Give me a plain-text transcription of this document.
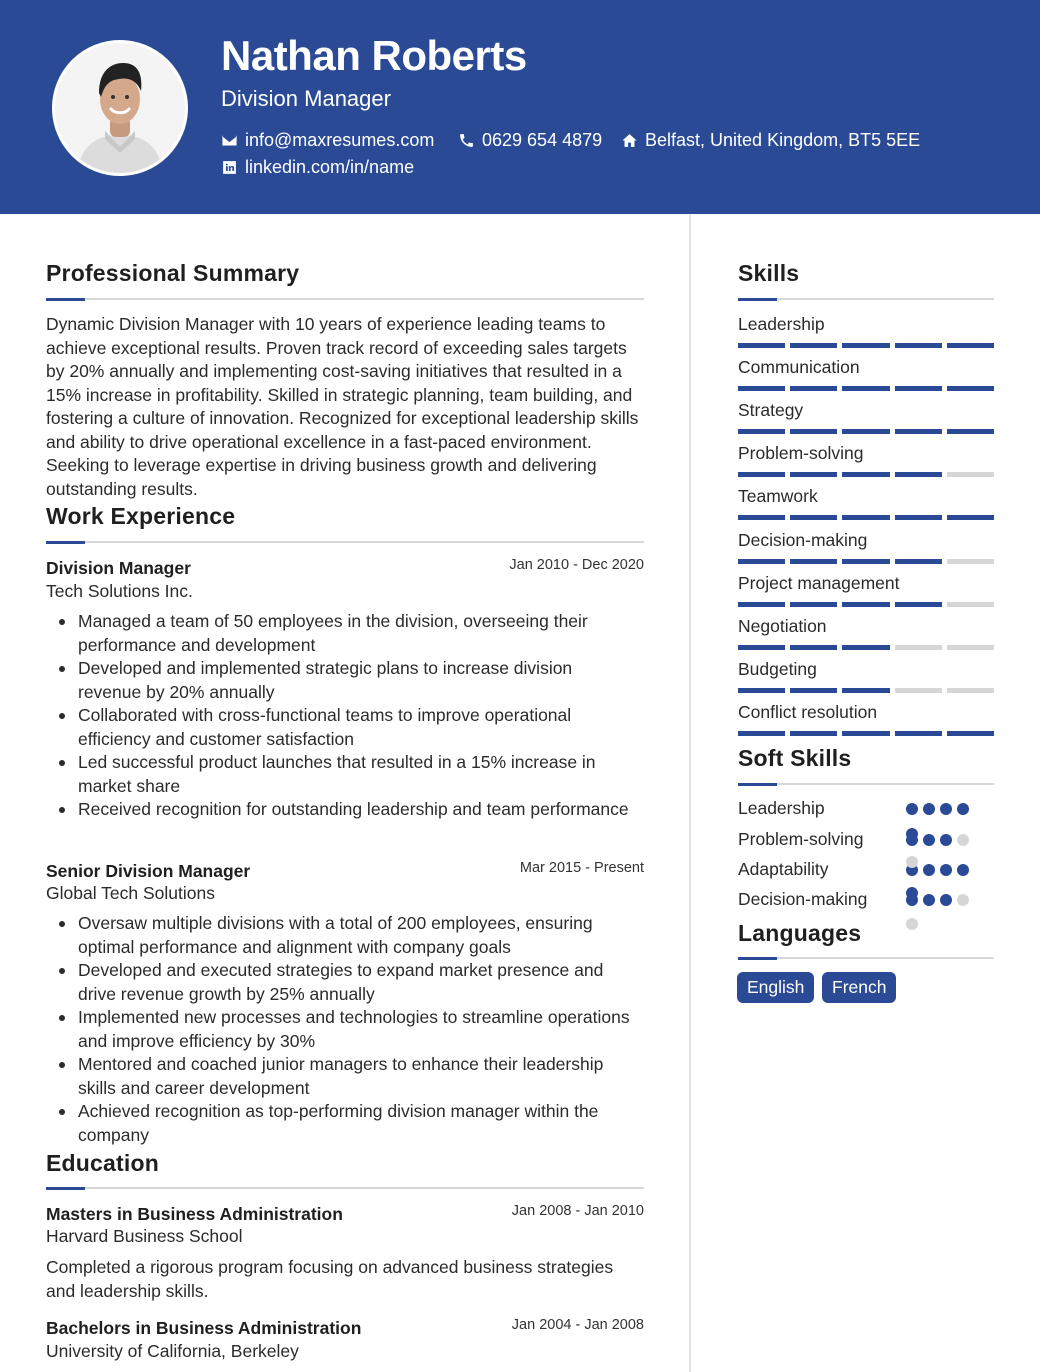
Nathan Roberts
Division Manager
info@maxresumes.com	0629 654 4879 Belfast, United Kingdom, BT5 5EE
linkedin.com/in/name
Professional Summary
Dynamic Division Manager with 10 years of experience leading teams to achieve exceptional results. Proven track record of exceeding sales targets by 20% annually and implementing cost-saving initiatives that resulted in a 15% increase in profitability. Skilled in strategic planning, team building, and fostering a culture of innovation. Recognized for exceptional leadership skills and ability to drive operational excellence in a fast-paced environment. Seeking to leverage expertise in driving business growth and delivering outstanding results.
Work Experience
Division Manager	Jan 2010 - Dec 2020
Tech Solutions Inc.
Managed a team of 50 employees in the division, overseeing their performance and development
Developed and implemented strategic plans to increase division revenue by 20% annually
Collaborated with cross-functional teams to improve operational efficiency and customer satisfaction
Led successful product launches that resulted in a 15% increase in market share
Received recognition for outstanding leadership and team performance
Senior Division Manager	Mar 2015 - Present
Global Tech Solutions
Oversaw multiple divisions with a total of 200 employees, ensuring optimal performance and alignment with company goals
Developed and executed strategies to expand market presence and drive revenue growth by 25% annually
Implemented new processes and technologies to streamline operations and improve efficiency by 30%
Mentored and coached junior managers to enhance their leadership skills and career development
Achieved recognition as top-performing division manager within the company
Education
Masters in Business Administration	Jan 2008 - Jan 2010
Harvard Business School
Completed a rigorous program focusing on advanced business strategies and leadership skills.
Bachelors in Business Administration	Jan 2004 - Jan 2008
University of California, Berkeley
Skills
Leadership
Communication
Strategy
Problem-solving
Teamwork
Decision-making
Project management
Negotiation
Budgeting
Conflict resolution
Soft Skills
Leadership
Problem-solving
Adaptability
Decision-making
Languages
English	French
